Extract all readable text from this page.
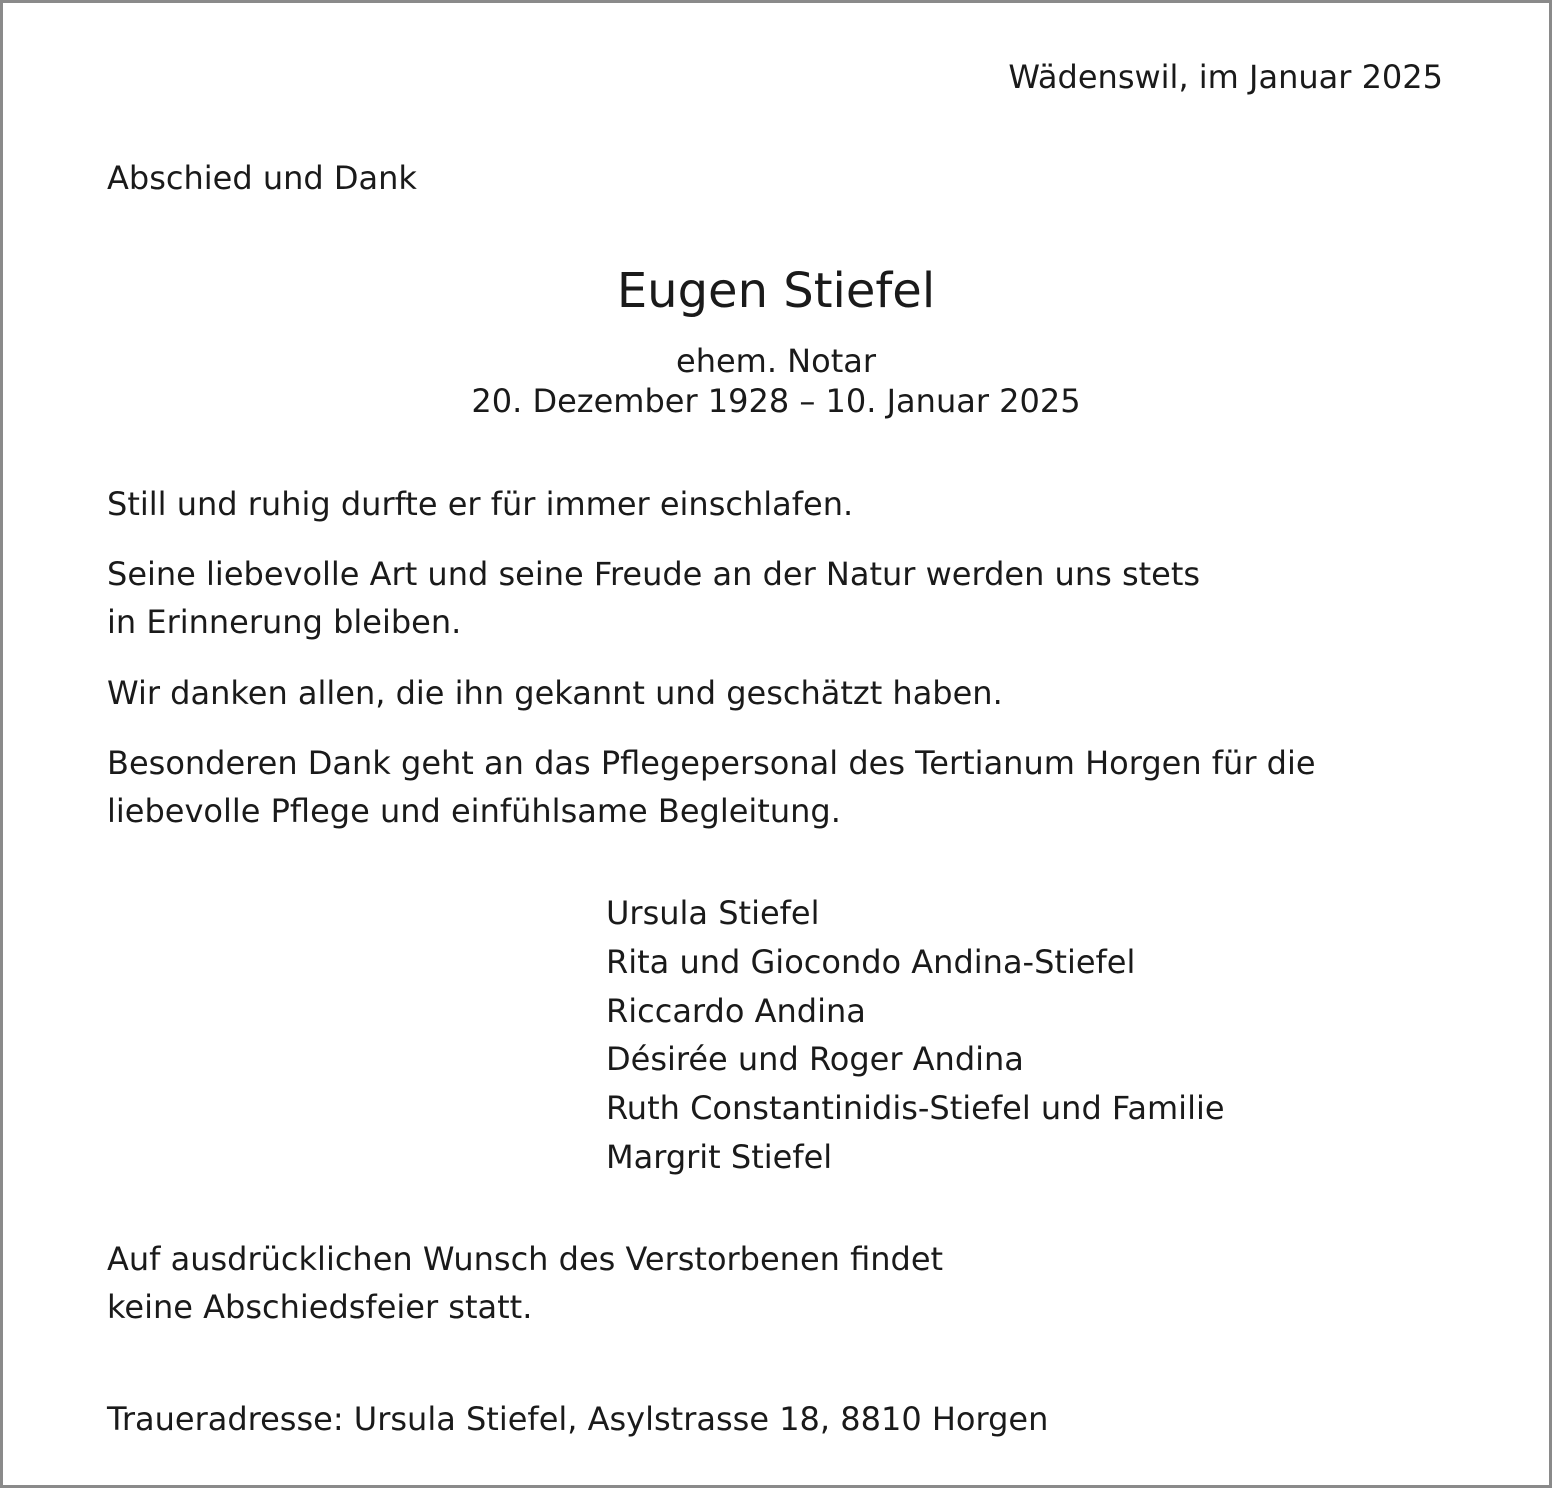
Wädenswil, im Januar 2025
Abschied und Dank
Eugen Stiefel
ehem. Notar
20. Dezember 1928 – 10. Januar 2025
Still und ruhig durfte er für immer einschlafen.
Seine liebevolle Art und seine Freude an der Natur werden uns stets
in Erinnerung bleiben.
Wir danken allen, die ihn gekannt und geschätzt haben.
Besonderen Dank geht an das Pflegepersonal des Tertianum Horgen für die
liebevolle Pflege und einfühlsame Begleitung.
Ursula Stiefel
Rita und Giocondo Andina-Stiefel
Riccardo Andina
Désirée und Roger Andina
Ruth Constantinidis-Stiefel und Familie
Margrit Stiefel
Auf ausdrücklichen Wunsch des Verstorbenen findet
keine Abschiedsfeier statt.
Traueradresse: Ursula Stiefel, Asylstrasse 18, 8810 Horgen
